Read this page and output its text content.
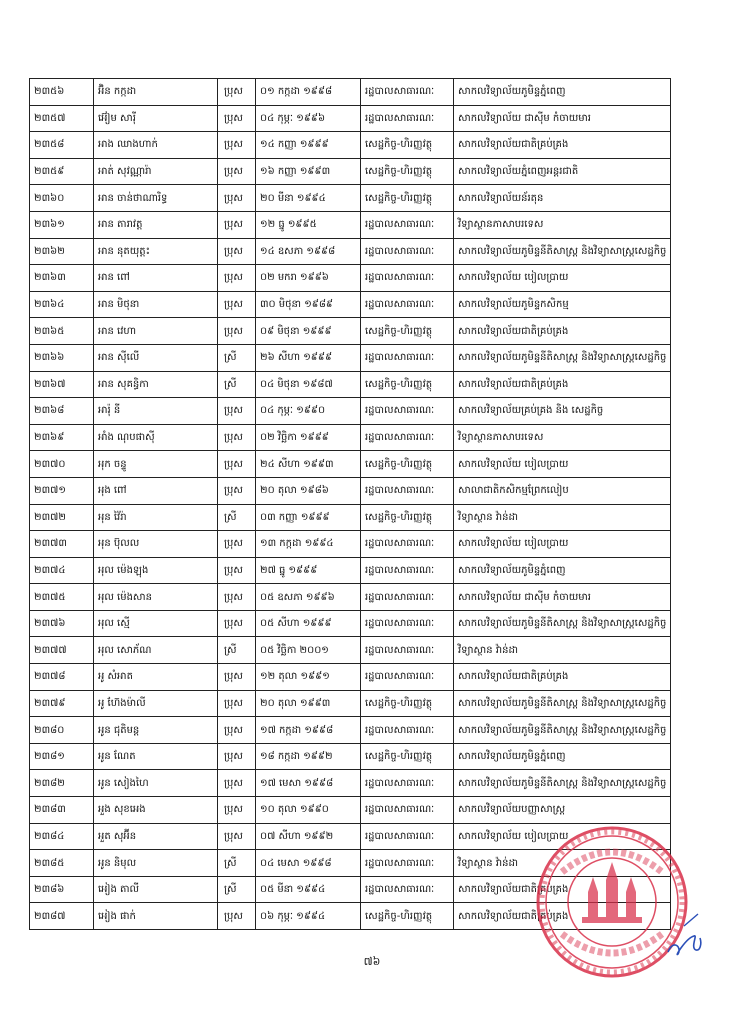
២៣៥៦	អ៊ិន កក្កដា	ប្រុស	០១ កក្កដា ១៩៩៨	រដ្ឋបាលសាធារណៈ	សាកលវិទ្យាល័យភូមិន្ទភ្នំពេញ
២៣៥៧	អ៊ៀម សារ៉ី	ប្រុស	០៤ កុម្ភៈ ១៩៩៦	រដ្ឋបាលសាធារណៈ	សាកលវិទ្យាល័យ ជាស៊ីម កំចាយមារ
២៣៥៨	អាង ឈាងហាក់	ប្រុស	១៤ កញ្ញា ១៩៩៩	សេដ្ឋកិច្ច-ហិរញ្ញវត្ថុ	សាកលវិទ្យាល័យជាតិគ្រប់គ្រង
២៣៥៩	អាត់ សុវណ្ណារ៉ា	ប្រុស	១៦ កញ្ញា ១៩៩៣	សេដ្ឋកិច្ច-ហិរញ្ញវត្ថុ	សាកលវិទ្យាល័យភ្នំពេញអន្តរជាតិ
២៣៦០	អាន ចាន់ថាណារិទ្ធ	ប្រុស	២០ មីនា ១៩៩៤	សេដ្ឋកិច្ច-ហិរញ្ញវត្ថុ	សាកលវិទ្យាល័យន័រតុន
២៣៦១	អាន តារាវត្ត	ប្រុស	១២ ធ្នូ ១៩៩៥	រដ្ឋបាលសាធារណៈ	វិទ្យាស្ថានភាសាបរទេស
២៣៦២	អាន នុតយុត្តះ	ប្រុស	១៤ ឧសភា ១៩៩៨	រដ្ឋបាលសាធារណៈ	សាកលវិទ្យាល័យភូមិន្ទនីតិសាស្ត្រ និងវិទ្យាសាស្ត្រសេដ្ឋកិច្ច
២៣៦៣	អាន ពៅ	ប្រុស	០២ មករា ១៩៩៦	រដ្ឋបាលសាធារណៈ	សាកលវិទ្យាល័យ បៀលប្រាយ
២៣៦៤	អាន មិថុនា	ប្រុស	៣០ មិថុនា ១៩៨៩	រដ្ឋបាលសាធារណៈ	សាកលវិទ្យាល័យភូមិន្ទកសិកម្ម
២៣៦៥	អាន វេហា	ប្រុស	០៩ មិថុនា ១៩៩៩	សេដ្ឋកិច្ច-ហិរញ្ញវត្ថុ	សាកលវិទ្យាល័យជាតិគ្រប់គ្រង
២៣៦៦	អាន ស៊ីលើ	ស្រី	២៦ សីហា ១៩៩៩	រដ្ឋបាលសាធារណៈ	សាកលវិទ្យាល័យភូមិន្ទនីតិសាស្ត្រ និងវិទ្យាសាស្ត្រសេដ្ឋកិច្ច
២៣៦៧	អាន សុគន្ធិកា	ស្រី	០៤ មិថុនា ១៩៨៧	សេដ្ឋកិច្ច-ហិរញ្ញវត្ថុ	សាកលវិទ្យាល័យជាតិគ្រប់គ្រង
២៣៦៨	អារ៉ុ នី	ប្រុស	០៤ កុម្ភៈ ១៩៩០	រដ្ឋបាលសាធារណៈ	សាកលវិទ្យាល័យគ្រប់គ្រង និង សេដ្ឋកិច្ច
២៣៦៩	អាំង ណុបផាស៊ី	ប្រុស	០២ វិច្ឆិកា ១៩៩៩	រដ្ឋបាលសាធារណៈ	វិទ្យាស្ថានភាសាបរទេស
២៣៧០	អុក ចន្ទូ	ប្រុស	២៤ សីហា ១៩៩៣	សេដ្ឋកិច្ច-ហិរញ្ញវត្ថុ	សាកលវិទ្យាល័យ បៀលប្រាយ
២៣៧១	អុង ពៅ	ប្រុស	២០ តុលា ១៩៨៦	រដ្ឋបាលសាធារណៈ	សាលាជាតិកសិកម្មព្រែកលៀប
២៣៧២	អុន វ៉ៃរ៉ា	ស្រី	០៣ កញ្ញា ១៩៩៩	សេដ្ឋកិច្ច-ហិរញ្ញវត្ថុ	វិទ្យាស្ថាន វ៉ាន់ដា
២៣៧៣	អុន ប៊ុលល	ប្រុស	១៣ កក្កដា ១៩៩៤	រដ្ឋបាលសាធារណៈ	សាកលវិទ្យាល័យ បៀលប្រាយ
២៣៧៤	អុល ម៉េងឡុង	ប្រុស	២៧ ធ្នូ ១៩៩៩	រដ្ឋបាលសាធារណៈ	សាកលវិទ្យាល័យភូមិន្ទភ្នំពេញ
២៣៧៥	អុល ម៉េងសាន	ប្រុស	០៥ ឧសភា ១៩៩៦	រដ្ឋបាលសាធារណៈ	សាកលវិទ្យាល័យ ជាស៊ីម កំចាយមារ
២៣៧៦	អុល ស្មើ	ប្រុស	០៥ សីហា ១៩៩៩	រដ្ឋបាលសាធារណៈ	សាកលវិទ្យាល័យភូមិន្ទនីតិសាស្ត្រ និងវិទ្យាសាស្ត្រសេដ្ឋកិច្ច
២៣៧៧	អុល សោភ័ណ	ស្រី	០៥ វិច្ឆិកា ២០០១	រដ្ឋបាលសាធារណៈ	វិទ្យាស្ថាន វ៉ាន់ដា
២៣៧៨	អូ សំអាត	ប្រុស	១២ តុលា ១៩៩១	រដ្ឋបាលសាធារណៈ	សាកលវិទ្យាល័យជាតិគ្រប់គ្រង
២៣៧៩	អូ ហ៊ែងម៉ាលី	ប្រុស	២០ តុលា ១៩៩៣	សេដ្ឋកិច្ច-ហិរញ្ញវត្ថុ	សាកលវិទ្យាល័យភូមិន្ទនីតិសាស្ត្រ និងវិទ្យាសាស្ត្រសេដ្ឋកិច្ច
២៣៨០	អូន ជុតិមន្ត	ប្រុស	១៧ កក្កដា ១៩៩៨	រដ្ឋបាលសាធារណៈ	សាកលវិទ្យាល័យភូមិន្ទនីតិសាស្ត្រ និងវិទ្យាសាស្ត្រសេដ្ឋកិច្ច
២៣៨១	អូន ណែត	ប្រុស	១៨ កក្កដា ១៩៩២	សេដ្ឋកិច្ច-ហិរញ្ញវត្ថុ	សាកលវិទ្យាល័យភូមិន្ទភ្នំពេញ
២៣៨២	អូន សៀងហៃ	ប្រុស	១៧ មេសា ១៩៩៨	រដ្ឋបាលសាធារណៈ	សាកលវិទ្យាល័យភូមិន្ទនីតិសាស្ត្រ និងវិទ្យាសាស្ត្រសេដ្ឋកិច្ច
២៣៨៣	អួង សុខអេង	ប្រុស	១០ តុលា ១៩៩០	រដ្ឋបាលសាធារណៈ	សាកលវិទ្យាល័យបញ្ញាសាស្ត្រ
២៣៨៤	អួត សុអ៊ីន	ប្រុស	០៧ សីហា ១៩៩២	រដ្ឋបាលសាធារណៈ	សាកលវិទ្យាល័យ បៀលប្រាយ
២៣៨៥	អូន និមុល	ស្រី	០៤ មេសា ១៩៩៨	រដ្ឋបាលសាធារណៈ	វិទ្យាស្ថាន វ៉ាន់ដា
២៣៨៦	អៀង តាលី	ស្រី	០៥ មីនា ១៩៩៤	រដ្ឋបាលសាធារណៈ	សាកលវិទ្យាល័យជាតិគ្រប់គ្រង
២៣៨៧	អៀង ផាក់	ប្រុស	០៦ កុម្ភៈ ១៩៩៤	សេដ្ឋកិច្ច-ហិរញ្ញវត្ថុ	សាកលវិទ្យាល័យជាតិគ្រប់គ្រង
៧៦
